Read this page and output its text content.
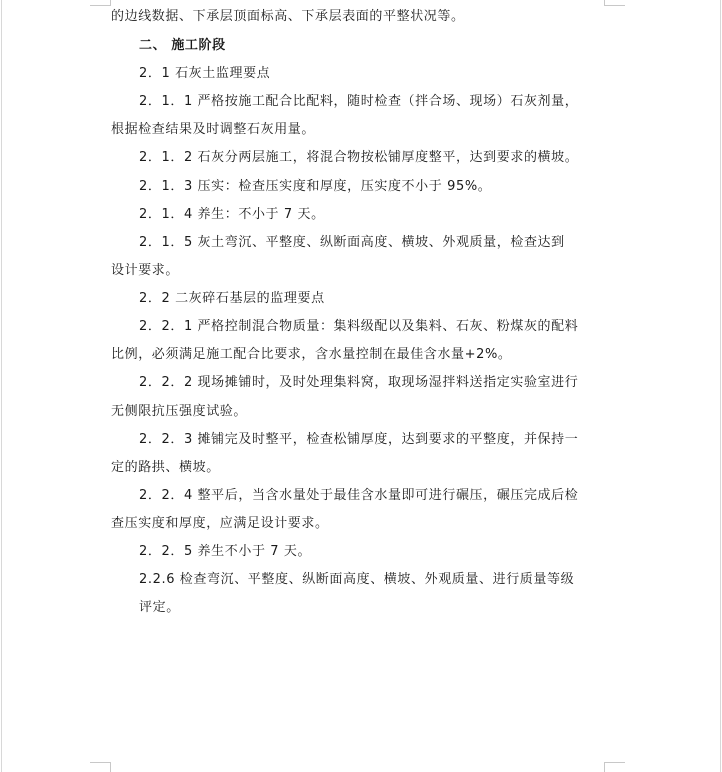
的边线数据、下承层顶面标高、下承层表面的平整状况等。
二、 施工阶段
2．1 石灰土监理要点
2．1．1 严格按施工配合比配料，随时检查（拌合场、现场）石灰剂量，
根据检查结果及时调整石灰用量。
2．1．2 石灰分两层施工，将混合物按松铺厚度整平，达到要求的横坡。
2．1．3 压实：检查压实度和厚度，压实度不小于 95%。
2．1．4 养生：不小于 7 天。
2．1．5 灰土弯沉、平整度、纵断面高度、横坡、外观质量，检查达到
设计要求。
2．2 二灰碎石基层的监理要点
2．2．1 严格控制混合物质量：集料级配以及集料、石灰、粉煤灰的配料
比例，必须满足施工配合比要求，含水量控制在最佳含水量+2%。
2．2．2 现场摊铺时，及时处理集料窝，取现场湿拌料送指定实验室进行
无侧限抗压强度试验。
2．2．3 摊铺完及时整平，检查松铺厚度，达到要求的平整度，并保持一
定的路拱、横坡。
2．2．4 整平后，当含水量处于最佳含水量即可进行碾压，碾压完成后检
查压实度和厚度，应满足设计要求。
2．2．5 养生不小于 7 天。
2.2.6 检查弯沉、平整度、纵断面高度、横坡、外观质量、进行质量等级
评定。
